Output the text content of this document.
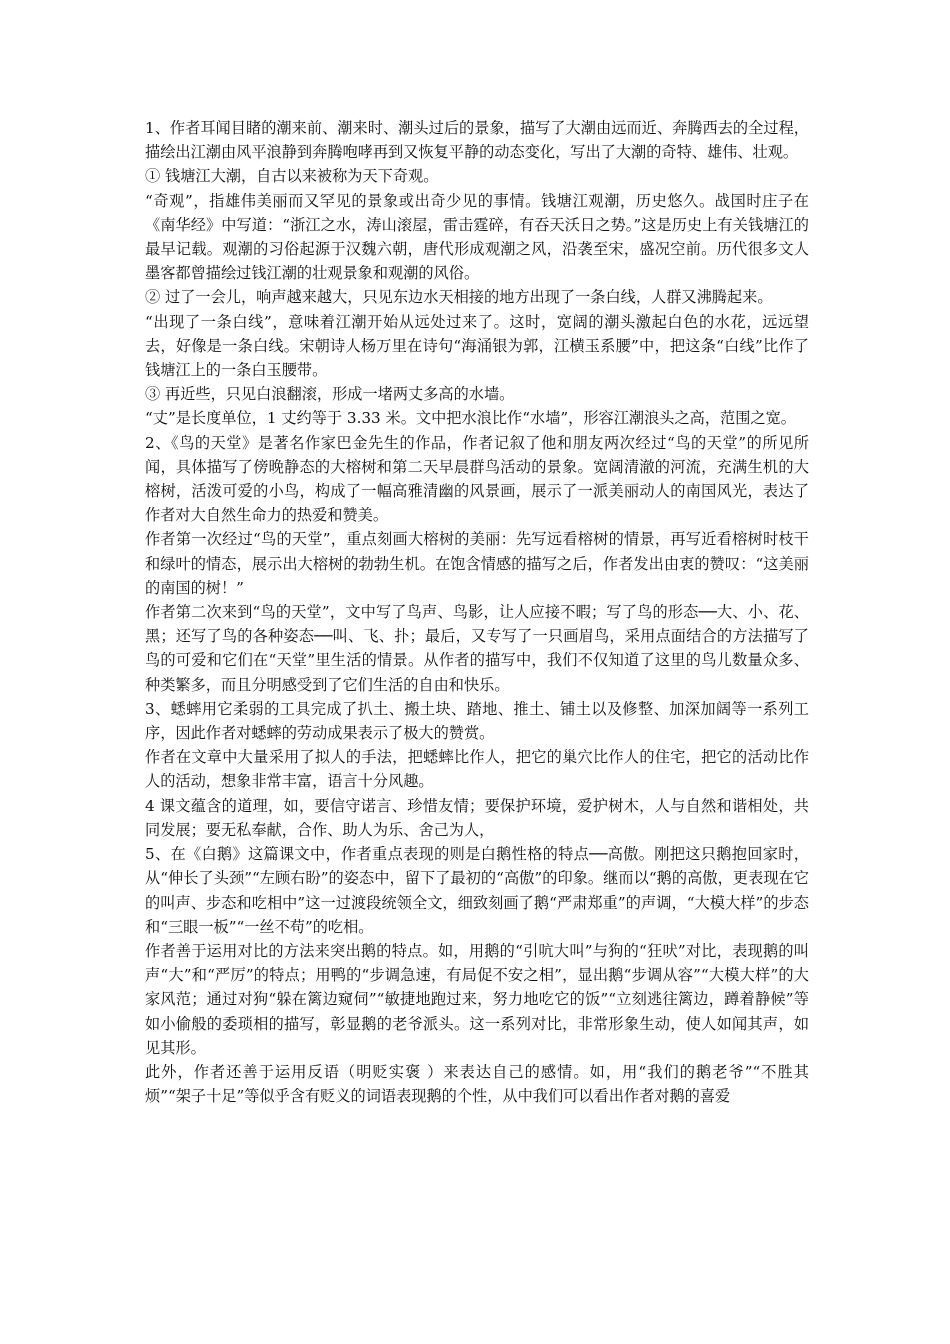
1、作者耳闻目睹的潮来前、潮来时、潮头过后的景象，描写了大潮由远而近、奔腾西去的全过程，描绘出江潮由风平浪静到奔腾咆哮再到又恢复平静的动态变化，写出了大潮的奇特、雄伟、壮观。

① 钱塘江大潮，自古以来被称为天下奇观。

“奇观”，指雄伟美丽而又罕见的景象或出奇少见的事情。钱塘江观潮，历史悠久。战国时庄子在《南华经》中写道：“浙江之水，涛山滚屋，雷击霆碎，有吞天沃日之势。”这是历史上有关钱塘江的最早记载。观潮的习俗起源于汉魏六朝，唐代形成观潮之风，沿袭至宋，盛况空前。历代很多文人墨客都曾描绘过钱江潮的壮观景象和观潮的风俗。

② 过了一会儿，响声越来越大，只见东边水天相接的地方出现了一条白线，人群又沸腾起来。

“出现了一条白线”，意味着江潮开始从远处过来了。这时，宽阔的潮头激起白色的水花，远远望去，好像是一条白线。宋朝诗人杨万里在诗句“海涌银为郭，江横玉系腰”中，把这条“白线”比作了钱塘江上的一条白玉腰带。

③ 再近些，只见白浪翻滚，形成一堵两丈多高的水墙。

“丈”是长度单位，1 丈约等于 3.33 米。文中把水浪比作“水墙”，形容江潮浪头之高，范围之宽。

2、《鸟的天堂》是著名作家巴金先生的作品，作者记叙了他和朋友两次经过“鸟的天堂”的所见所闻，具体描写了傍晚静态的大榕树和第二天早晨群鸟活动的景象。宽阔清澈的河流，充满生机的大榕树，活泼可爱的小鸟，构成了一幅高雅清幽的风景画，展示了一派美丽动人的南国风光，表达了作者对大自然生命力的热爱和赞美。

作者第一次经过“鸟的天堂”，重点刻画大榕树的美丽：先写远看榕树的情景，再写近看榕树时枝干和绿叶的情态，展示出大榕树的勃勃生机。在饱含情感的描写之后，作者发出由衷的赞叹：“这美丽的南国的树！”

作者第二次来到“鸟的天堂”，文中写了鸟声、鸟影，让人应接不暇；写了鸟的形态──大、小、花、黑；还写了鸟的各种姿态──叫、飞、扑；最后，又专写了一只画眉鸟，采用点面结合的方法描写了鸟的可爱和它们在“天堂”里生活的情景。从作者的描写中，我们不仅知道了这里的鸟儿数量众多、种类繁多，而且分明感受到了它们生活的自由和快乐。

3、蟋蟀用它柔弱的工具完成了扒土、搬土块、踏地、推土、铺土以及修整、加深加阔等一系列工序，因此作者对蟋蟀的劳动成果表示了极大的赞赏。

作者在文章中大量采用了拟人的手法，把蟋蟀比作人，把它的巢穴比作人的住宅，把它的活动比作人的活动，想象非常丰富，语言十分风趣。

4 课文蕴含的道理，如，要信守诺言、珍惜友情；要保护环境，爱护树木，人与自然和谐相处，共同发展；要无私奉献，合作、助人为乐、舍己为人，

5、在《白鹅》这篇课文中，作者重点表现的则是白鹅性格的特点──高傲。刚把这只鹅抱回家时，从“伸长了头颈”“左顾右盼”的姿态中，留下了最初的“高傲”的印象。继而以“鹅的高傲，更表现在它的叫声、步态和吃相中”这一过渡段统领全文，细致刻画了鹅“严肃郑重”的声调，“大模大样”的步态和“三眼一板”“一丝不苟”的吃相。

作者善于运用对比的方法来突出鹅的特点。如，用鹅的“引吭大叫”与狗的“狂吠”对比，表现鹅的叫声“大”和“严厉”的特点；用鸭的“步调急速，有局促不安之相”，显出鹅“步调从容”“大模大样”的大家风范；通过对狗“躲在篱边窥伺”“敏捷地跑过来，努力地吃它的饭”“立刻逃往篱边，蹲着静候”等如小偷般的委琐相的描写，彰显鹅的老爷派头。这一系列对比，非常形象生动，使人如闻其声，如见其形。

此外，作者还善于运用反语（明贬实褒 ）来表达自己的感情。如，用“我们的鹅老爷”“不胜其烦”“架子十足”等似乎含有贬义的词语表现鹅的个性，从中我们可以看出作者对鹅的喜爱
